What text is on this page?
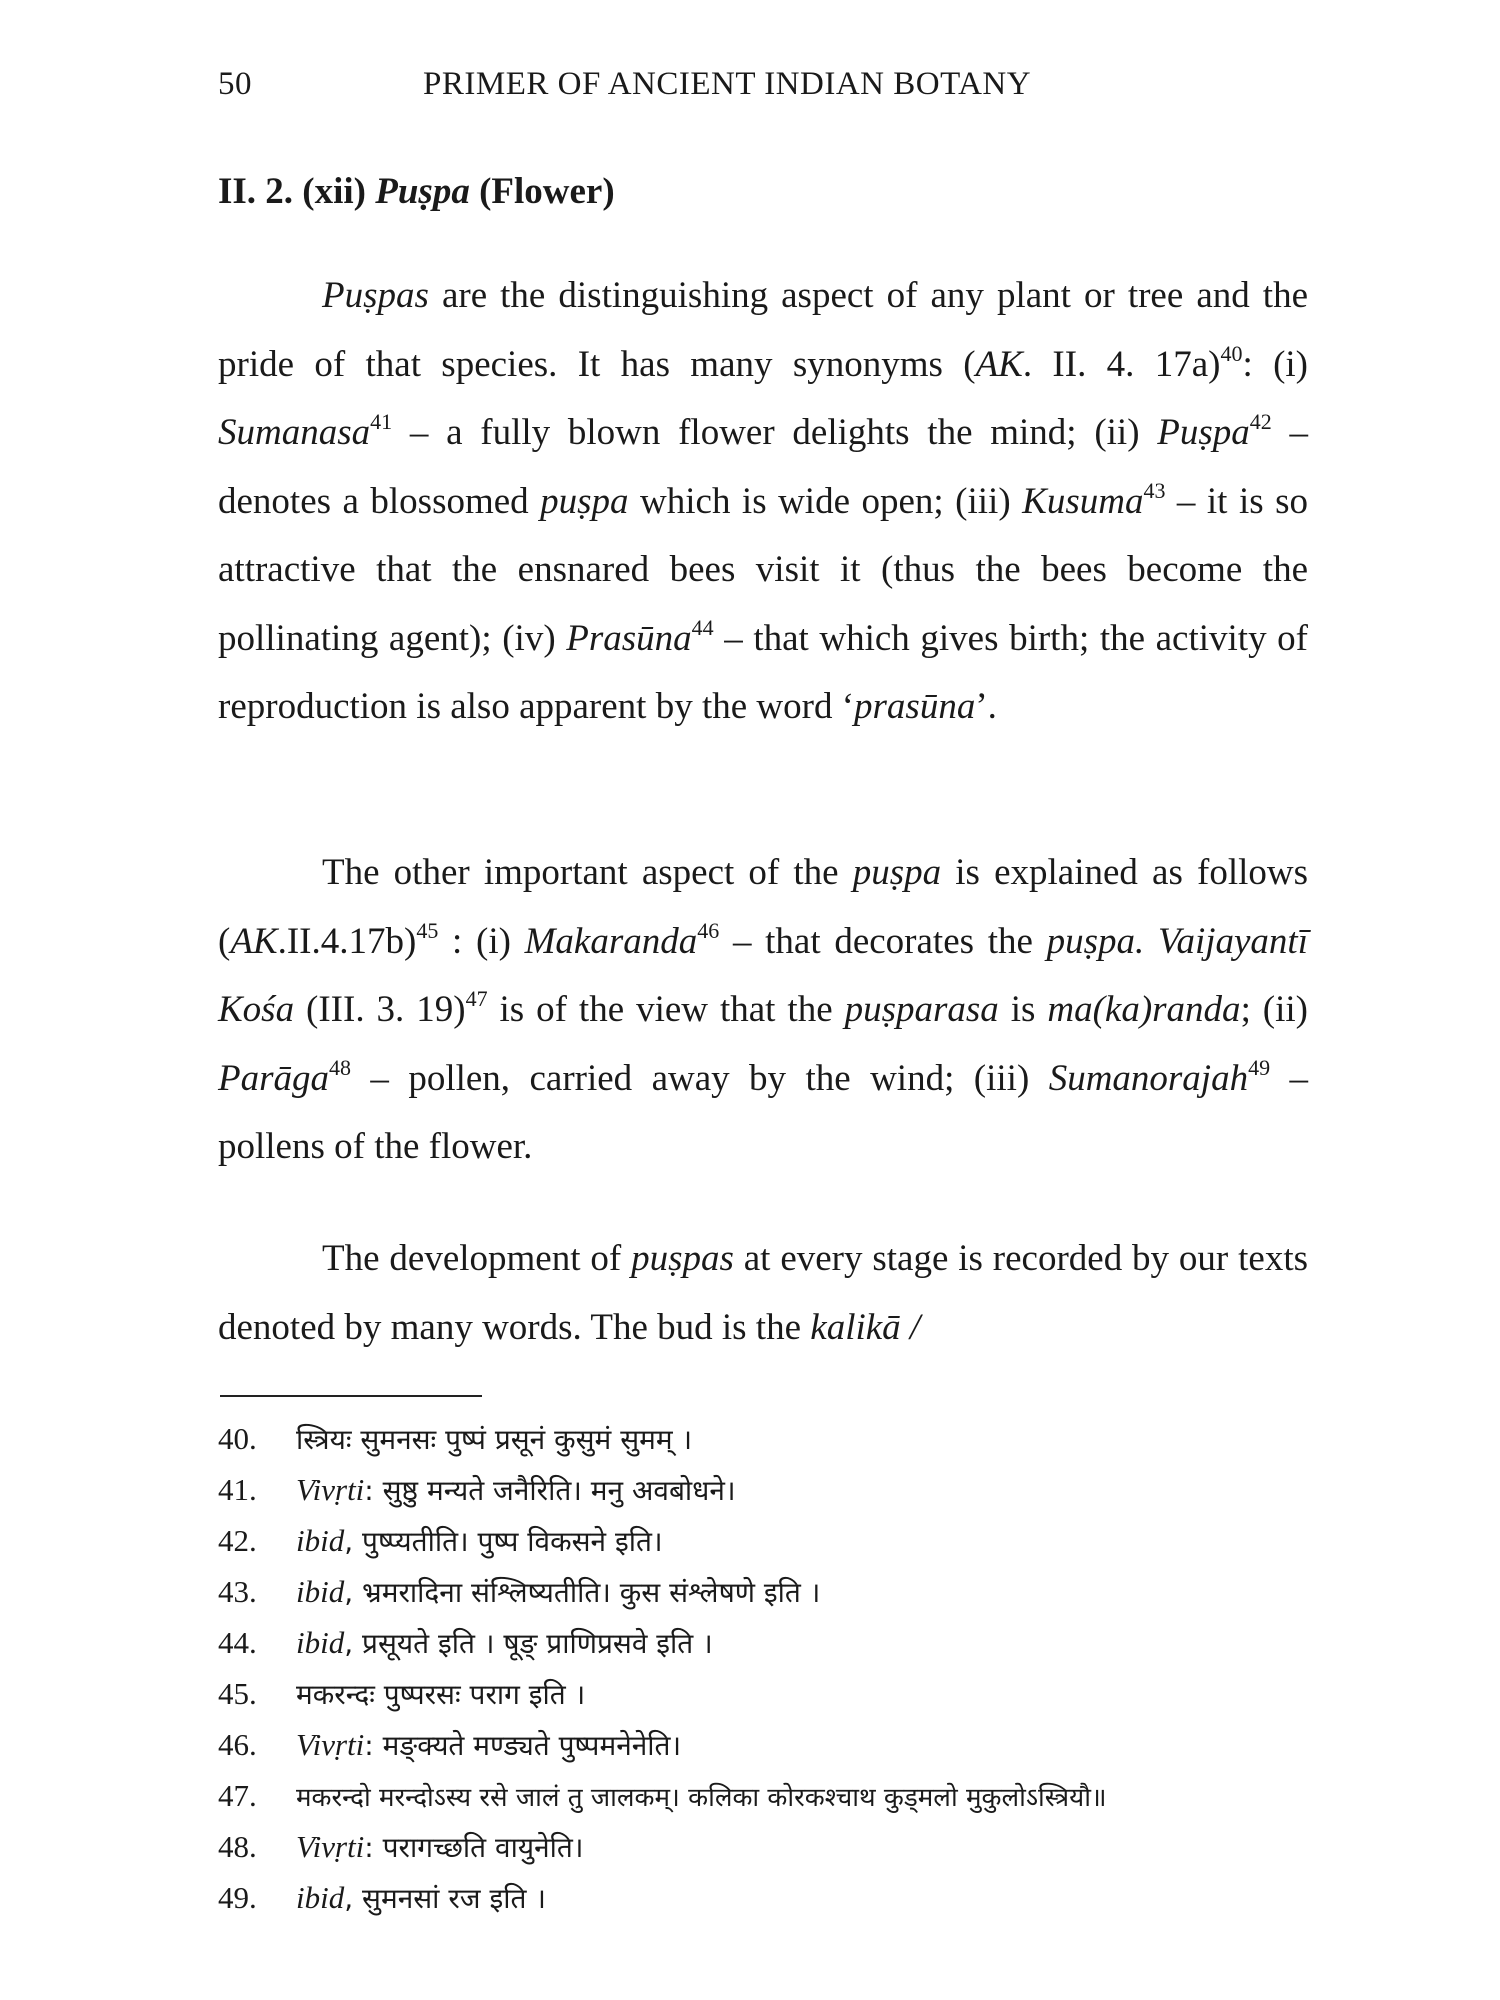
50	PRIMER OF ANCIENT INDIAN BOTANY
II. 2. (xii) Puṣpa (Flower)

Puṣpas are the distinguishing aspect of any plant or tree and the pride of that species. It has many synonyms (AK. II. 4. 17a)$^{40}$: (i) Sumanasa$^{41}$ – a fully blown flower delights the mind; (ii) Puṣpa$^{42}$ – denotes a blossomed puṣpa which is wide open; (iii) Kusuma$^{43}$ – it is so attractive that the ensnared bees visit it (thus the bees become the pollinating agent); (iv) Prasūna$^{44}$ – that which gives birth; the activity of reproduction is also apparent by the word ‘prasūna’.

The other important aspect of the puṣpa is explained as follows $(AK.II.4.17b)^{45}$ : (i) Makaranda$^{46}$ – that decorates the puṣpa. Vaijayantī Kośa (III. 3. 19)$^{47}$ is of the view that the puṣparasa is ma(ka)randa; (ii) Parāga$^{48}$ – pollen, carried away by the wind; (iii) Sumanorajah$^{49}$ – pollens of the flower.

The development of puṣpas at every stage is recorded by our texts denoted by many words. The bud is the kalikā /

40. स्त्रियः सुमनसः पुष्पं प्रसूनं कुसुमं सुमम् ।
41. Vivṛti: सुष्ठु मन्यते जनैरिति। मनु अवबोधने।
42. ibid, पुष्प्यतीति। पुष्प विकसने इति।
43. ibid, भ्रमरादिना संश्लिष्यतीति। कुस संश्लेषणे इति ।
44. ibid, प्रसूयते इति । षूङ् प्राणिप्रसवे इति ।
45. मकरन्दः पुष्परसः पराग इति ।
46. Vivṛti: मङ्क्यते मण्ड्यते पुष्पमनेनेति।
47. मकरन्दो मरन्दोऽस्य रसे जालं तु जालकम्। कलिका कोरकश्चाथ कुड्मलो मुकुलोऽस्त्रियौ॥
48. Vivṛti: परागच्छति वायुनेति।
49. ibid, सुमनसां रज इति ।
